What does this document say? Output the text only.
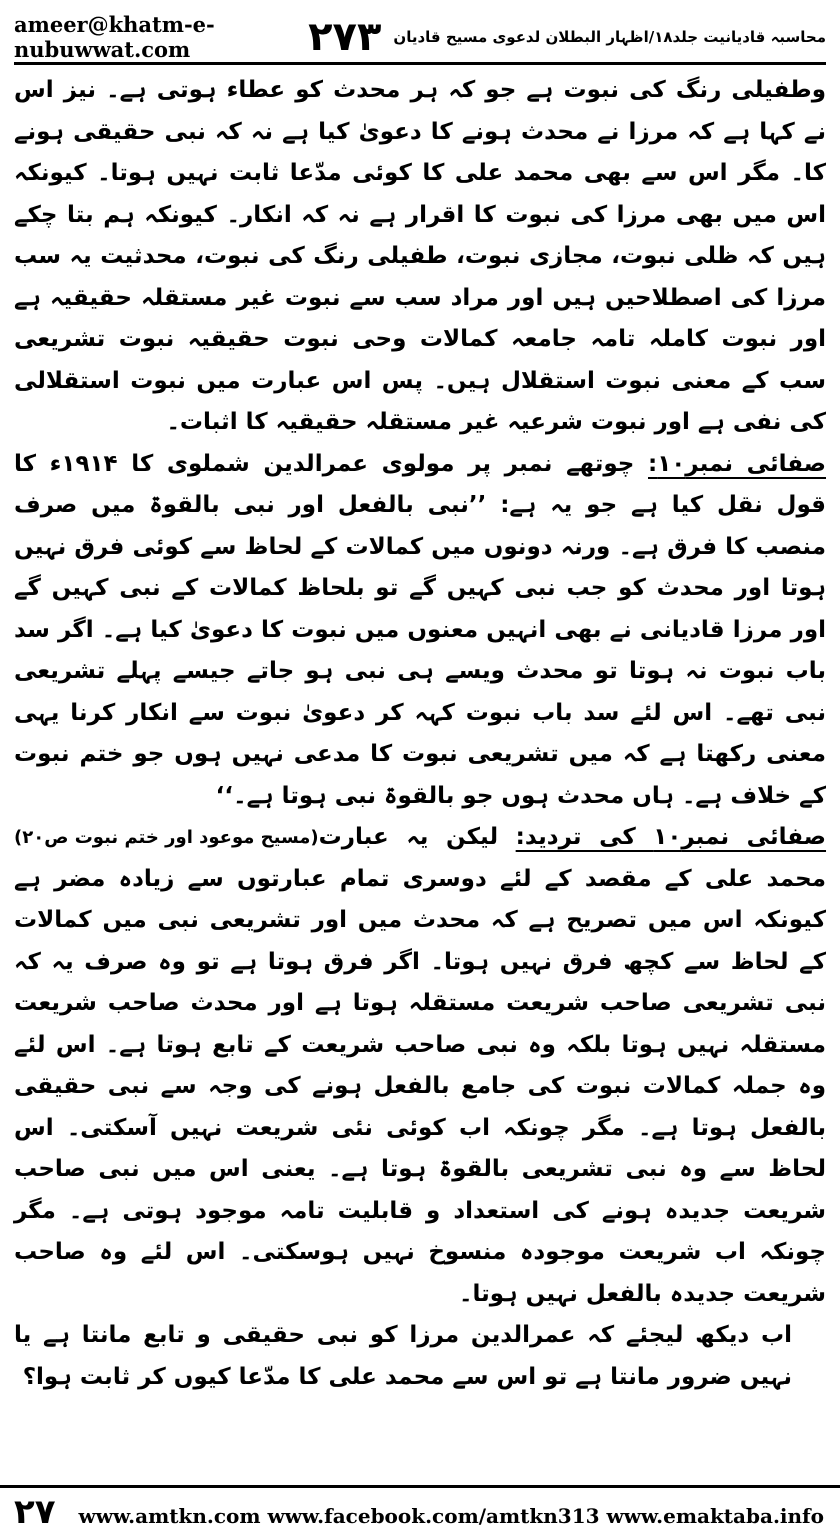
ameer@khatm-e-nubuwwat.com	محاسبہ قادیانیت جلد۱۸/اظہار البطلان لدعوی مسیح قادیان
۲۷۳

وطفیلی رنگ کی نبوت ہے جو کہ ہر محدث کو عطاء ہوتی ہے۔ نیز اس نے کہا ہے کہ مرزا نے محدث ہونے کا دعویٰ کیا ہے نہ کہ نبی حقیقی ہونے کا۔ مگر اس سے بھی محمد علی کا کوئی مدّعا ثابت نہیں ہوتا۔ کیونکہ اس میں بھی مرزا کی نبوت کا اقرار ہے نہ کہ انکار۔ کیونکہ ہم بتا چکے ہیں کہ ظلی نبوت، مجازی نبوت، طفیلی رنگ کی نبوت، محدثیت یہ سب مرزا کی اصطلاحیں ہیں اور مراد سب سے نبوت غیر مستقلہ حقیقیہ ہے اور نبوت کاملہ تامہ جامعہ کمالات وحی نبوت حقیقیہ نبوت تشریعی سب کے معنی نبوت استقلال ہیں۔ پس اس عبارت میں نبوت استقلالی کی نفی ہے اور نبوت شرعیہ غیر مستقلہ حقیقیہ کا اثبات۔

صفائی نمبر۱۰: چوتھے نمبر پر مولوی عمرالدین شملوی کا ۱۹۱۴ء کا قول نقل کیا ہے جو یہ ہے: ’’نبی بالفعل اور نبی بالقوۃ میں صرف منصب کا فرق ہے۔ ورنہ دونوں میں کمالات کے لحاظ سے کوئی فرق نہیں ہوتا اور محدث کو جب نبی کہیں گے تو بلحاظ کمالات کے نبی کہیں گے اور مرزا قادیانی نے بھی انہیں معنوں میں نبوت کا دعویٰ کیا ہے۔ اگر سد باب نبوت نہ ہوتا تو محدث ویسے ہی نبی ہو جاتے جیسے پہلے تشریعی نبی تھے۔ اس لئے سد باب نبوت کہہ کر دعویٰ نبوت سے انکار کرنا یہی معنی رکھتا ہے کہ میں تشریعی نبوت کا مدعی نہیں ہوں جو ختم نبوت کے خلاف ہے۔ ہاں محدث ہوں جو بالقوۃ نبی ہوتا ہے۔‘‘
(مسیح موعود اور ختم نبوت ص۲۰)	صفائی نمبر۱۰ کی تردید: لیکن یہ عبارت محمد علی کے مقصد کے لئے دوسری تمام عبارتوں سے زیادہ مضر ہے کیونکہ اس میں تصریح ہے کہ محدث میں اور تشریعی نبی میں کمالات کے لحاظ سے کچھ فرق نہیں ہوتا۔ اگر فرق ہوتا ہے تو وہ صرف یہ کہ نبی تشریعی صاحب شریعت مستقلہ ہوتا ہے اور محدث صاحب شریعت مستقلہ نہیں ہوتا بلکہ وہ نبی صاحب شریعت کے تابع ہوتا ہے۔ اس لئے وہ جملہ کمالات نبوت کی جامع بالفعل ہونے کی وجہ سے نبی حقیقی بالفعل ہوتا ہے۔ مگر چونکہ اب کوئی نئی شریعت نہیں آسکتی۔ اس لحاظ سے وہ نبی تشریعی بالقوۃ ہوتا ہے۔ یعنی اس میں نبی صاحب شریعت جدیدہ ہونے کی استعداد و قابلیت تامہ موجود ہوتی ہے۔ مگر چونکہ اب شریعت موجودہ منسوخ نہیں ہوسکتی۔ اس لئے وہ صاحب شریعت جدیدہ بالفعل نہیں ہوتا۔

اب دیکھ لیجئے کہ عمرالدین مرزا کو نبی حقیقی و تابع مانتا ہے یا نہیں ضرور مانتا ہے تو اس سے محمد علی کا مدّعا کیوں کر ثابت ہوا؟

۲۷ www.amtkn.com www.facebook.com/amtkn313 www.emaktaba.info
